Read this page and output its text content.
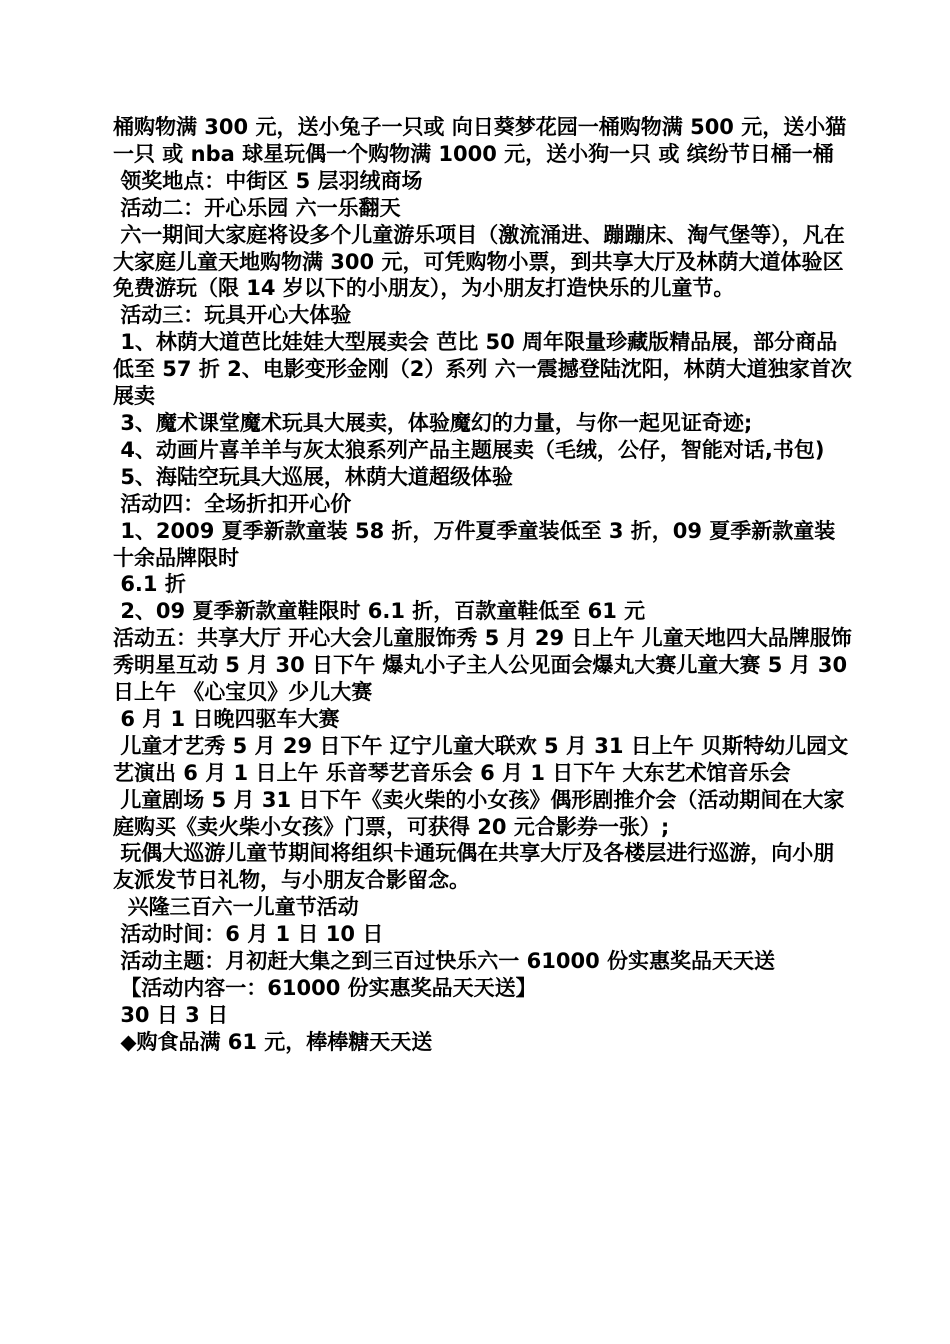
桶购物满 300 元，送小兔子一只或 向日葵梦花园一桶购物满 500 元，送小猫一只 或 nba 球星玩偶一个购物满 1000 元，送小狗一只 或 缤纷节日桶一桶

领奖地点：中街区 5 层羽绒商场

活动二：开心乐园 六一乐翻天

六一期间大家庭将设多个儿童游乐项目（激流涌进、蹦蹦床、淘气堡等），凡在大家庭儿童天地购物满 300 元，可凭购物小票，到共享大厅及林荫大道体验区免费游玩（限 14 岁以下的小朋友），为小朋友打造快乐的儿童节。

活动三：玩具开心大体验

1、林荫大道芭比娃娃大型展卖会 芭比 50 周年限量珍藏版精品展，部分商品低至 57 折 2、电影变形金刚（2）系列 六一震撼登陆沈阳，林荫大道独家首次展卖

3、魔术课堂魔术玩具大展卖，体验魔幻的力量，与你一起见证奇迹;

4、动画片喜羊羊与灰太狼系列产品主题展卖（毛绒，公仔，智能对话,书包)

5、海陆空玩具大巡展，林荫大道超级体验

活动四：全场折扣开心价

1、2009 夏季新款童装 58 折，万件夏季童装低至 3 折，09 夏季新款童装十余品牌限时

6.1 折

2、09 夏季新款童鞋限时 6.1 折，百款童鞋低至 61 元

活动五：共享大厅 开心大会儿童服饰秀 5 月 29 日上午 儿童天地四大品牌服饰秀明星互动 5 月 30 日下午 爆丸小子主人公见面会爆丸大赛儿童大赛 5 月 30 日上午 《心宝贝》少儿大赛

6 月 1 日晚四驱车大赛

儿童才艺秀 5 月 29 日下午 辽宁儿童大联欢 5 月 31 日上午 贝斯特幼儿园文艺演出 6 月 1 日上午 乐音琴艺音乐会 6 月 1 日下午 大东艺术馆音乐会

儿童剧场 5 月 31 日下午《卖火柴的小女孩》偶形剧推介会（活动期间在大家庭购买《卖火柴小女孩》门票，可获得 20 元合影券一张）;

玩偶大巡游儿童节期间将组织卡通玩偶在共享大厅及各楼层进行巡游，向小朋友派发节日礼物，与小朋友合影留念。

兴隆三百六一儿童节活动

活动时间：6 月 1 日 10 日

活动主题：月初赶大集之到三百过快乐六一 61000 份实惠奖品天天送

【活动内容一：61000 份实惠奖品天天送】

30 日 3 日

◆购食品满 61 元，棒棒糖天天送
